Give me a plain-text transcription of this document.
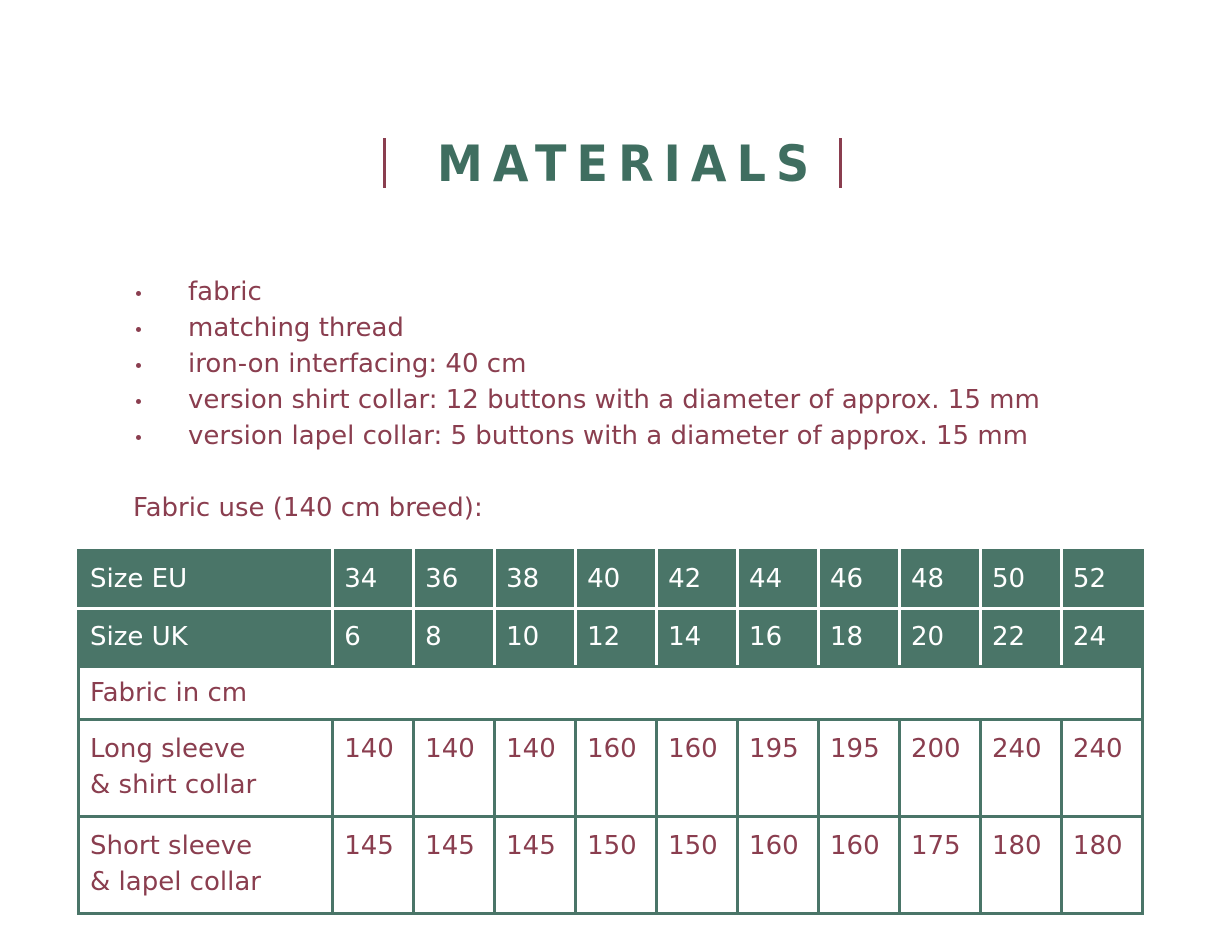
MATERIALS
fabric
matching thread
iron-on interfacing: 40 cm
version shirt collar: 12 buttons with a diameter of approx. 15 mm
version lapel collar: 5 buttons with a diameter of approx. 15 mm
Fabric use (140 cm breed):
Size EU	34	36	38	40	42	44	46	48	50	52
Size UK	6	8	10	12	14	16	18	20	22	24
Fabric in cm										

Long sleeve
& shirt collar	140	140	140	160	160	195	195	200	240	240

Short sleeve
& lapel collar	145	145	145	150	150	160	160	175	180	180
